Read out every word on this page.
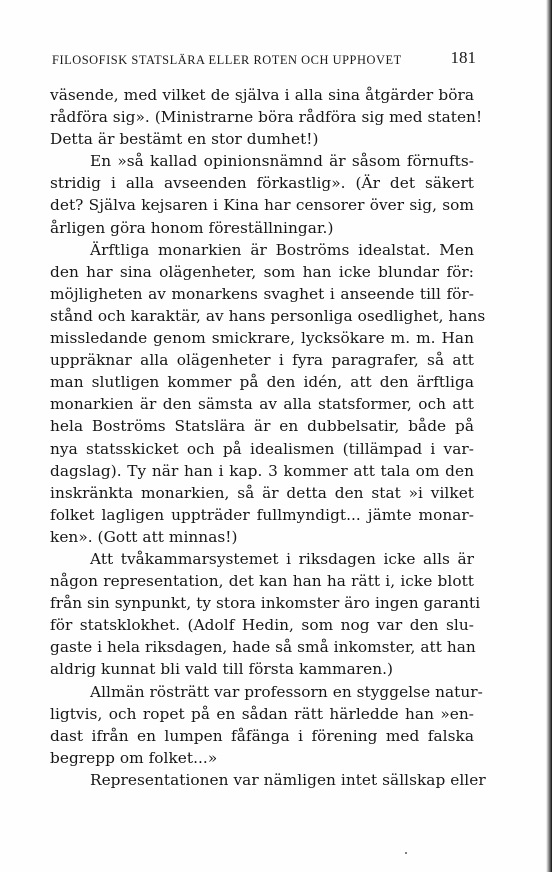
FILOSOFISK STATSLÄRA ELLER ROTEN OCH UPPHOVET	181
väsende, med vilket de själva i alla sina åtgärder böra
rådföra sig». (Ministrarne böra rådföra sig med staten!
Detta är bestämt en stor dumhet!)
En »så kallad opinionsnämnd är såsom förnufts-
stridig i alla avseenden förkastlig». (Är det säkert
det? Själva kejsaren i Kina har censorer över sig, som
årligen göra honom föreställningar.)
Ärftliga monarkien är Boströms idealstat. Men
den har sina olägenheter, som han icke blundar för:
möjligheten av monarkens svaghet i anseende till för-
stånd och karaktär, av hans personliga osedlighet, hans
missledande genom smickrare, lycksökare m. m. Han
uppräknar alla olägenheter i fyra paragrafer, så att
man slutligen kommer på den idén, att den ärftliga
monarkien är den sämsta av alla statsformer, och att
hela Boströms Statslära är en dubbelsatir, både på
nya statsskicket och på idealismen (tillämpad i var-
dagslag). Ty när han i kap. 3 kommer att tala om den
inskränkta monarkien, så är detta den stat »i vilket
folket lagligen uppträder fullmyndigt... jämte monar-
ken». (Gott att minnas!)
Att tvåkammarsystemet i riksdagen icke alls är
någon representation, det kan han ha rätt i, icke blott
från sin synpunkt, ty stora inkomster äro ingen garanti
för statsklokhet. (Adolf Hedin, som nog var den slu-
gaste i hela riksdagen, hade så små inkomster, att han
aldrig kunnat bli vald till första kammaren.)
Allmän rösträtt var professorn en styggelse natur-
ligtvis, och ropet på en sådan rätt härledde han »en-
dast ifrån en lumpen fåfänga i förening med falska
begrepp om folket...»
Representationen var nämligen intet sällskap eller
